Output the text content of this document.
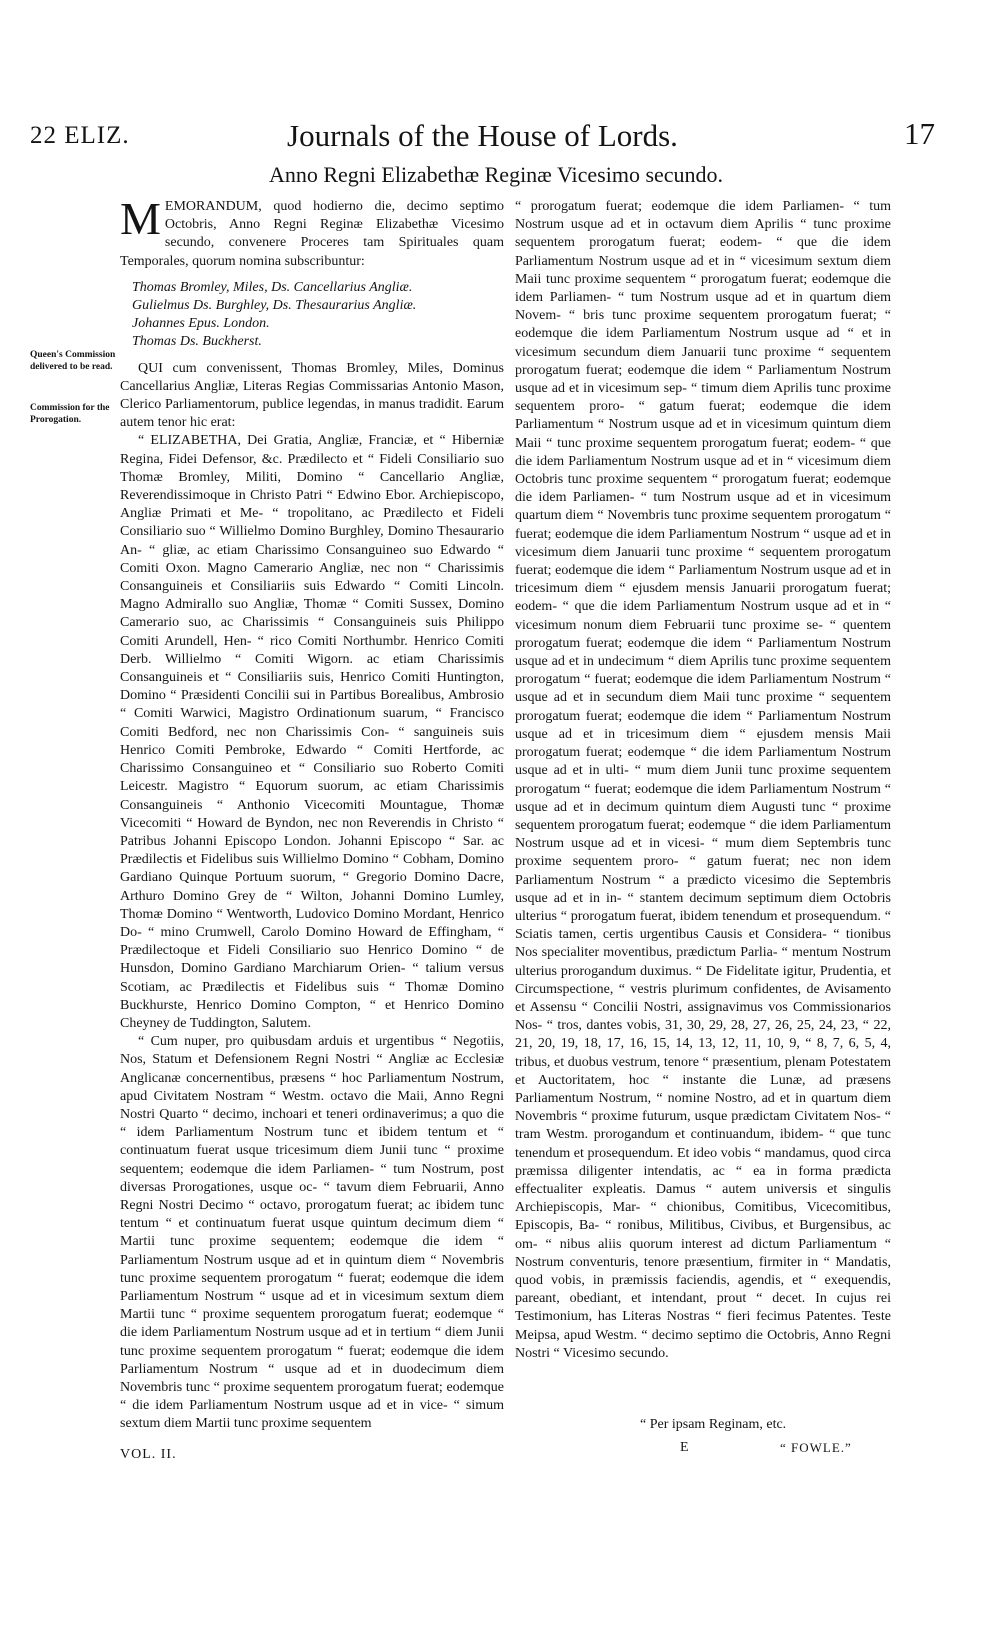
22 ELIZ.	Journals of the House of Lords.	17
Anno Regni Elizabethæ Reginæ Vicesimo secundo.
Queen's Commission delivered to be read.
Commission for the Prorogation.

M EMORANDUM, quod hodierno die, decimo septimo Octobris, Anno Regni Reginæ Elizabethæ Vicesimo secundo, convenere Proceres tam Spirituales quam Temporales, quorum nomina subscribuntur:

Thomas Bromley, Miles, Ds. Cancellarius Angliæ.
Gulielmus Ds. Burghley, Ds. Thesaurarius Angliæ.
Johannes Epus. London.
Thomas Ds. Buckherst.

QUI cum convenissent, Thomas Bromley, Miles, Dominus Cancellarius Angliæ, Literas Regias Commissarias Antonio Mason, Clerico Parliamentorum, publice legendas, in manus tradidit. Earum autem tenor hic erat:

“ ELIZABETHA, Dei Gratia, Angliæ, Franciæ, et “ Hiberniæ Regina, Fidei Defensor, &c. Prædilecto et “ Fideli Consiliario suo Thomæ Bromley, Militi, Domino “ Cancellario Angliæ, Reverendissimoque in Christo Patri “ Edwino Ebor. Archiepiscopo, Angliæ Primati et Me- “ tropolitano, ac Prædilecto et Fideli Consiliario suo “ Willielmo Domino Burghley, Domino Thesaurario An- “ gliæ, ac etiam Charissimo Consanguineo suo Edwardo “ Comiti Oxon. Magno Camerario Angliæ, nec non “ Charissimis Consanguineis et Consiliariis suis Edwardo “ Comiti Lincoln. Magno Admirallo suo Angliæ, Thomæ “ Comiti Sussex, Domino Camerario suo, ac Charissimis “ Consanguineis suis Philippo Comiti Arundell, Hen- “ rico Comiti Northumbr. Henrico Comiti Derb. Willielmo “ Comiti Wigorn. ac etiam Charissimis Consanguineis et “ Consiliariis suis, Henrico Comiti Huntington, Domino “ Præsidenti Concilii sui in Partibus Borealibus, Ambrosio “ Comiti Warwici, Magistro Ordinationum suarum, “ Francisco Comiti Bedford, nec non Charissimis Con- “ sanguineis suis Henrico Comiti Pembroke, Edwardo “ Comiti Hertforde, ac Charissimo Consanguineo et “ Consiliario suo Roberto Comiti Leicestr. Magistro “ Equorum suorum, ac etiam Charissimis Consanguineis “ Anthonio Vicecomiti Mountague, Thomæ Vicecomiti “ Howard de Byndon, nec non Reverendis in Christo “ Patribus Johanni Episcopo London. Johanni Episcopo “ Sar. ac Prædilectis et Fidelibus suis Willielmo Domino “ Cobham, Domino Gardiano Quinque Portuum suorum, “ Gregorio Domino Dacre, Arthuro Domino Grey de “ Wilton, Johanni Domino Lumley, Thomæ Domino “ Wentworth, Ludovico Domino Mordant, Henrico Do- “ mino Crumwell, Carolo Domino Howard de Effingham, “ Prædilectoque et Fideli Consiliario suo Henrico Domino “ de Hunsdon, Domino Gardiano Marchiarum Orien- “ talium versus Scotiam, ac Prædilectis et Fidelibus suis “ Thomæ Domino Buckhurste, Henrico Domino Compton, “ et Henrico Domino Cheyney de Tuddington, Salutem.

“ Cum nuper, pro quibusdam arduis et urgentibus “ Negotiis, Nos, Statum et Defensionem Regni Nostri “ Angliæ ac Ecclesiæ Anglicanæ concernentibus, præsens “ hoc Parliamentum Nostrum, apud Civitatem Nostram “ Westm. octavo die Maii, Anno Regni Nostri Quarto “ decimo, inchoari et teneri ordinaverimus; a quo die “ idem Parliamentum Nostrum tunc et ibidem tentum et “ continuatum fuerat usque tricesimum diem Junii tunc “ proxime sequentem; eodemque die idem Parliamen- “ tum Nostrum, post diversas Prorogationes, usque oc- “ tavum diem Februarii, Anno Regni Nostri Decimo “ octavo, prorogatum fuerat; ac ibidem tunc tentum “ et continuatum fuerat usque quintum decimum diem “ Martii tunc proxime sequentem; eodemque die idem “ Parliamentum Nostrum usque ad et in quintum diem “ Novembris tunc proxime sequentem prorogatum “ fuerat; eodemque die idem Parliamentum Nostrum “ usque ad et in vicesimum sextum diem Martii tunc “ proxime sequentem prorogatum fuerat; eodemque “ die idem Parliamentum Nostrum usque ad et in tertium “ diem Junii tunc proxime sequentem prorogatum “ fuerat; eodemque die idem Parliamentum Nostrum “ usque ad et in duodecimum diem Novembris tunc “ proxime sequentem prorogatum fuerat; eodemque “ die idem Parliamentum Nostrum usque ad et in vice- “ simum sextum diem Martii tunc proxime sequentem

“ prorogatum fuerat; eodemque die idem Parliamen- “ tum Nostrum usque ad et in octavum diem Aprilis “ tunc proxime sequentem prorogatum fuerat; eodem- “ que die idem Parliamentum Nostrum usque ad et in “ vicesimum sextum diem Maii tunc proxime sequentem “ prorogatum fuerat; eodemque die idem Parliamen- “ tum Nostrum usque ad et in quartum diem Novem- “ bris tunc proxime sequentem prorogatum fuerat; “ eodemque die idem Parliamentum Nostrum usque ad “ et in vicesimum secundum diem Januarii tunc proxime “ sequentem prorogatum fuerat; eodemque die idem “ Parliamentum Nostrum usque ad et in vicesimum sep- “ timum diem Aprilis tunc proxime sequentem proro- “ gatum fuerat; eodemque die idem Parliamentum “ Nostrum usque ad et in vicesimum quintum diem Maii “ tunc proxime sequentem prorogatum fuerat; eodem- “ que die idem Parliamentum Nostrum usque ad et in “ vicesimum diem Octobris tunc proxime sequentem “ prorogatum fuerat; eodemque die idem Parliamen- “ tum Nostrum usque ad et in vicesimum quartum diem “ Novembris tunc proxime sequentem prorogatum “ fuerat; eodemque die idem Parliamentum Nostrum “ usque ad et in vicesimum diem Januarii tunc proxime “ sequentem prorogatum fuerat; eodemque die idem “ Parliamentum Nostrum usque ad et in tricesimum diem “ ejusdem mensis Januarii prorogatum fuerat; eodem- “ que die idem Parliamentum Nostrum usque ad et in “ vicesimum nonum diem Februarii tunc proxime se- “ quentem prorogatum fuerat; eodemque die idem “ Parliamentum Nostrum usque ad et in undecimum “ diem Aprilis tunc proxime sequentem prorogatum “ fuerat; eodemque die idem Parliamentum Nostrum “ usque ad et in secundum diem Maii tunc proxime “ sequentem prorogatum fuerat; eodemque die idem “ Parliamentum Nostrum usque ad et in tricesimum diem “ ejusdem mensis Maii prorogatum fuerat; eodemque “ die idem Parliamentum Nostrum usque ad et in ulti- “ mum diem Junii tunc proxime sequentem prorogatum “ fuerat; eodemque die idem Parliamentum Nostrum “ usque ad et in decimum quintum diem Augusti tunc “ proxime sequentem prorogatum fuerat; eodemque “ die idem Parliamentum Nostrum usque ad et in vicesi- “ mum diem Septembris tunc proxime sequentem proro- “ gatum fuerat; nec non idem Parliamentum Nostrum “ a prædicto vicesimo die Septembris usque ad et in in- “ stantem decimum septimum diem Octobris ulterius “ prorogatum fuerat, ibidem tenendum et prosequendum. “ Sciatis tamen, certis urgentibus Causis et Considera- “ tionibus Nos specialiter moventibus, prædictum Parlia- “ mentum Nostrum ulterius prorogandum duximus. “ De Fidelitate igitur, Prudentia, et Circumspectione, “ vestris plurimum confidentes, de Avisamento et Assensu “ Concilii Nostri, assignavimus vos Commissionarios Nos- “ tros, dantes vobis, 31, 30, 29, 28, 27, 26, 25, 24, 23, “ 22, 21, 20, 19, 18, 17, 16, 15, 14, 13, 12, 11, 10, 9, “ 8, 7, 6, 5, 4, tribus, et duobus vestrum, tenore “ præsentium, plenam Potestatem et Auctoritatem, hoc “ instante die Lunæ, ad præsens Parliamentum Nostrum, “ nomine Nostro, ad et in quartum diem Novembris “ proxime futurum, usque prædictam Civitatem Nos- “ tram Westm. prorogandum et continuandum, ibidem- “ que tunc tenendum et prosequendum. Et ideo vobis “ mandamus, quod circa præmissa diligenter intendatis, ac “ ea in forma prædicta effectualiter expleatis. Damus “ autem universis et singulis Archiepiscopis, Mar- “ chionibus, Comitibus, Vicecomitibus, Episcopis, Ba- “ ronibus, Militibus, Civibus, et Burgensibus, ac om- “ nibus aliis quorum interest ad dictum Parliamentum “ Nostrum conventuris, tenore præsentium, firmiter in “ Mandatis, quod vobis, in præmissis faciendis, agendis, et “ exequendis, pareant, obediant, et intendant, prout “ decet. In cujus rei Testimonium, has Literas Nostras “ fieri fecimus Patentes. Teste Meipsa, apud Westm. “ decimo septimo die Octobris, Anno Regni Nostri “ Vicesimo secundo.

“ Per ipsam Reginam, etc.
E	“ FOWLE.”
VOL. II.
